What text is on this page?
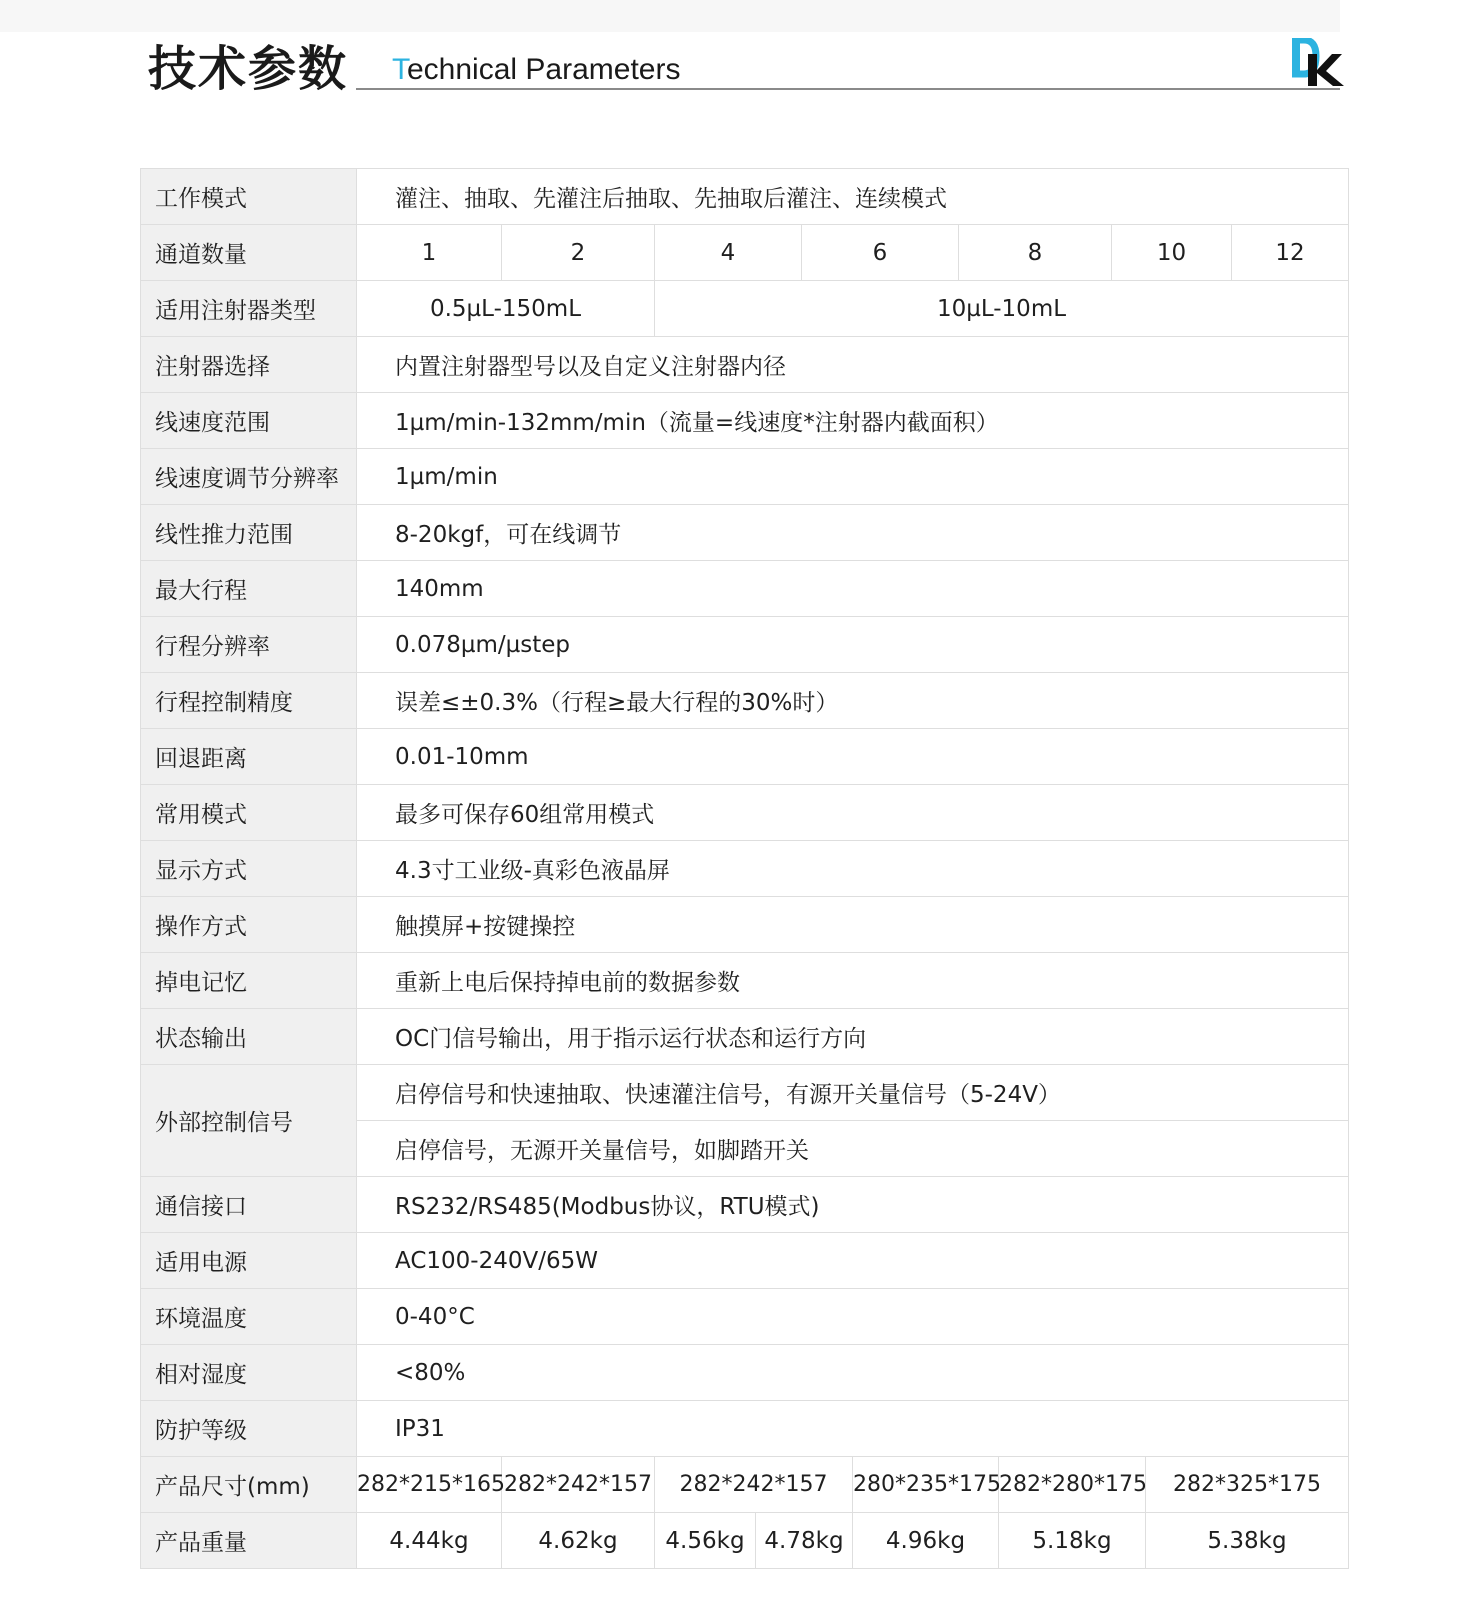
技术参数 Technical Parameters
工作模式	灌注、抽取、先灌注后抽取、先抽取后灌注、连续模式										
通道数量	1	2	4		6		8		10		12
适用注射器类型	0.5µL-150mL		10µL-10mL								
注射器选择	内置注射器型号以及自定义注射器内径										
线速度范围	1µm/min-132mm/min（流量=线速度*注射器内截面积）										
线速度调节分辨率	1µm/min										
线性推力范围	8-20kgf，可在线调节										
最大行程	140mm										
行程分辨率	0.078µm/µstep										
行程控制精度	误差≤±0.3%（行程≥最大行程的30%时）										
回退距离	0.01-10mm										
常用模式	最多可保存60组常用模式										
显示方式	4.3寸工业级-真彩色液晶屏										
操作方式	触摸屏+按键操控										
掉电记忆	重新上电后保持掉电前的数据参数										
状态输出	OC门信号输出，用于指示运行状态和运行方向										
外部控制信号	启停信号和快速抽取、快速灌注信号，有源开关量信号（5-24V）										
	启停信号，无源开关量信号，如脚踏开关										
通信接口	RS232/RS485(Modbus协议，RTU模式)										
适用电源	AC100-240V/65W										
环境温度	0-40°C										
相对湿度	<80%										
防护等级	IP31										
产品尺寸(mm)	282*215*165	282*242*157	282*242*157			280*235*175		282*280*175		282*325*175	
产品重量	4.44kg	4.62kg	4.56kg	4.78kg		4.96kg		5.18kg		5.38kg	
